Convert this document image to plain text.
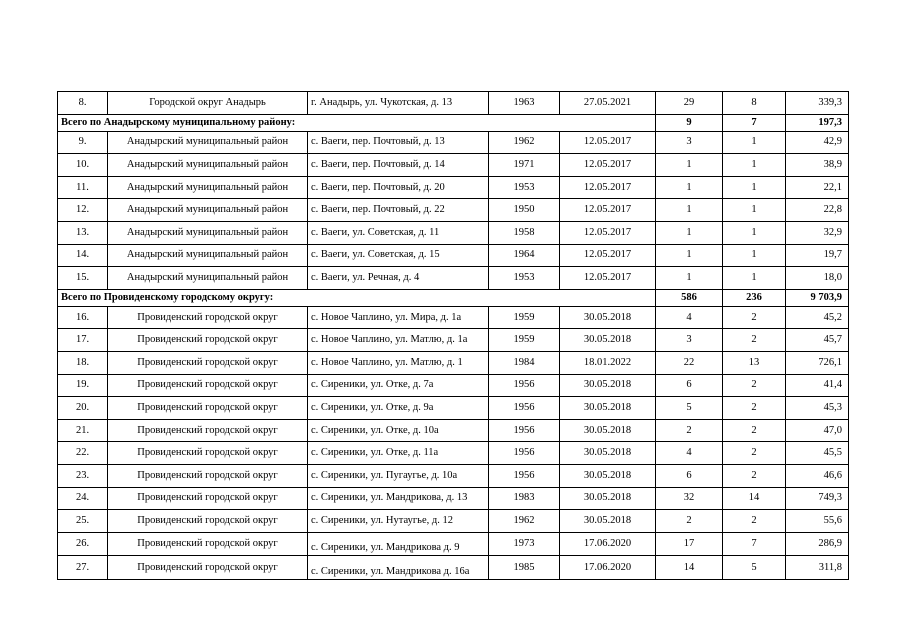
8.	Городской округ Анадырь	г. Анадырь, ул. Чукотская, д. 13	1963	27.05.2021	29	8	339,3
Всего по Анадырскому муниципальному району:					9	7	197,3
9.	Анадырский муниципальный район	с. Ваеги, пер. Почтовый, д. 13	1962	12.05.2017	3	1	42,9
10.	Анадырский муниципальный район	с. Ваеги, пер. Почтовый, д. 14	1971	12.05.2017	1	1	38,9
11.	Анадырский муниципальный район	с. Ваеги, пер. Почтовый, д. 20	1953	12.05.2017	1	1	22,1
12.	Анадырский муниципальный район	с. Ваеги, пер. Почтовый, д. 22	1950	12.05.2017	1	1	22,8
13.	Анадырский муниципальный район	с. Ваеги, ул. Советская, д. 11	1958	12.05.2017	1	1	32,9
14.	Анадырский муниципальный район	с. Ваеги, ул. Советская, д. 15	1964	12.05.2017	1	1	19,7
15.	Анадырский муниципальный район	с. Ваеги, ул. Речная, д. 4	1953	12.05.2017	1	1	18,0
Всего по Провиденскому городскому округу:					586	236	9 703,9
16.	Провиденский городской округ	с. Новое Чаплино, ул. Мира, д. 1а	1959	30.05.2018	4	2	45,2
17.	Провиденский городской округ	с. Новое Чаплино, ул. Матлю, д. 1а	1959	30.05.2018	3	2	45,7
18.	Провиденский городской округ	с. Новое Чаплино, ул. Матлю, д. 1	1984	18.01.2022	22	13	726,1
19.	Провиденский городской округ	с. Сиреники, ул. Отке, д. 7а	1956	30.05.2018	6	2	41,4
20.	Провиденский городской округ	с. Сиреники, ул. Отке, д. 9а	1956	30.05.2018	5	2	45,3
21.	Провиденский городской округ	с. Сиреники, ул. Отке, д. 10а	1956	30.05.2018	2	2	47,0
22.	Провиденский городской округ	с. Сиреники, ул. Отке, д. 11а	1956	30.05.2018	4	2	45,5
23.	Провиденский городской округ	с. Сиреники, ул. Пугаугье, д. 10а	1956	30.05.2018	6	2	46,6
24.	Провиденский городской округ	с. Сиреники, ул. Мандрикова, д. 13	1983	30.05.2018	32	14	749,3
25.	Провиденский городской округ	с. Сиреники, ул. Нутаугье, д. 12	1962	30.05.2018	2	2	55,6
26.	Провиденский городской округ	с. Сиреники, ул. Мандрикова д. 9	1973	17.06.2020	17	7	286,9
27.	Провиденский городской округ	с. Сиреники, ул. Мандрикова д. 16а	1985	17.06.2020	14	5	311,8
